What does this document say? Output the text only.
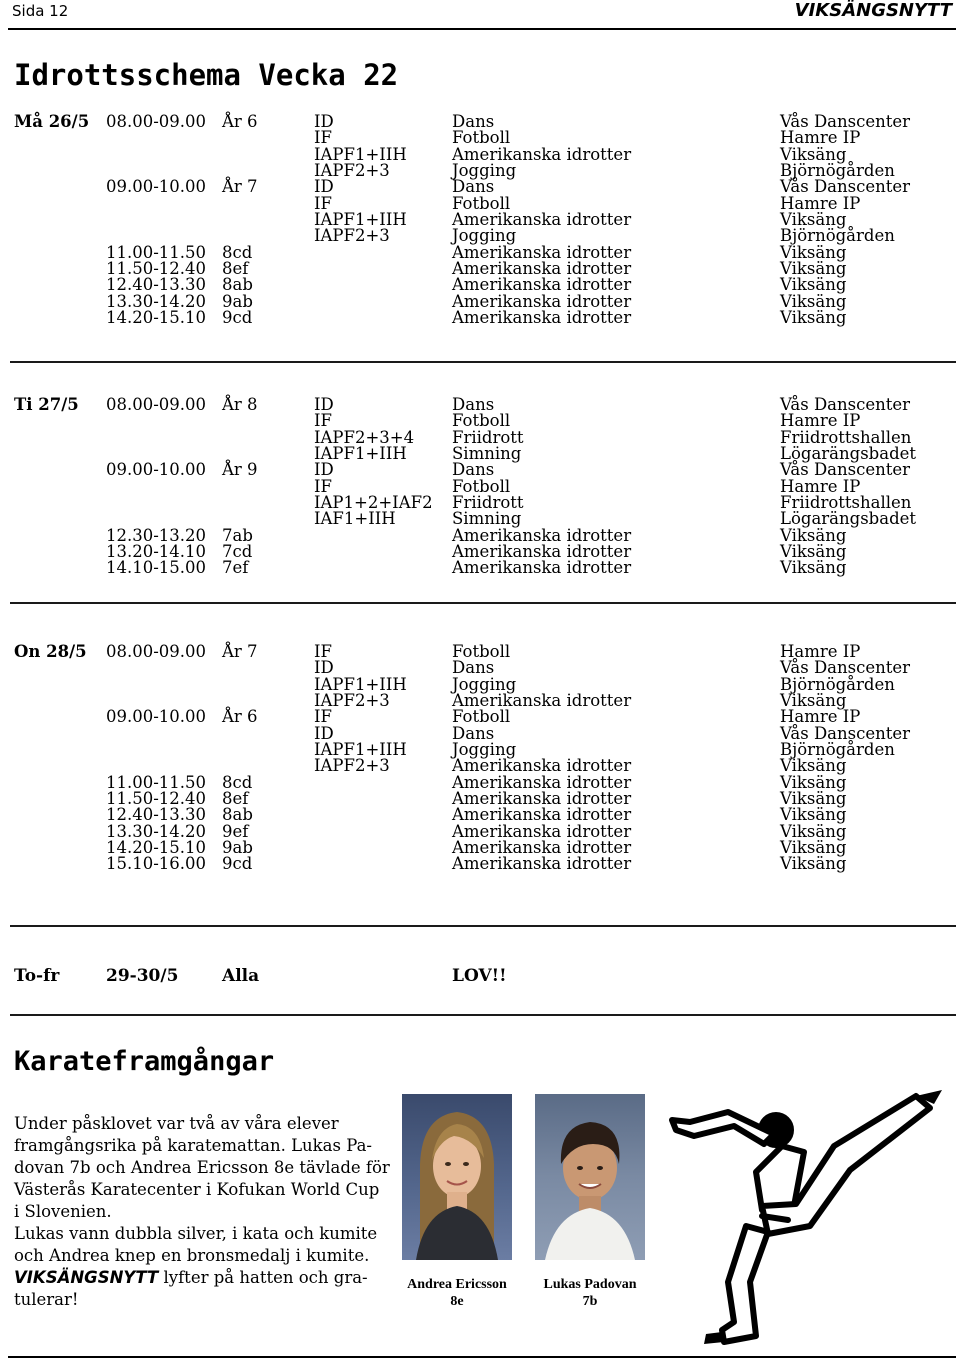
Sida 12	VIKSÄNGSNYTT
Idrottsschema Vecka 22
Må 26/5 08.00-09.00 År 6	ID	Dans	Vås Danscenter
IF	Fotboll	Hamre IP
IAPF1+IIH	Amerikanska idrotter	Viksäng
IAPF2+3	Jogging	Björnögården
09.00-10.00 År 7	ID	Dans	Vås Danscenter
IF	Fotboll	Hamre IP
IAPF1+IIH	Amerikanska idrotter	Viksäng
IAPF2+3	Jogging	Björnögården
11.00-11.50 8cd	Amerikanska idrotter	Viksäng
11.50-12.40 8ef	Amerikanska idrotter	Viksäng
12.40-13.30 8ab	Amerikanska idrotter	Viksäng
13.30-14.20 9ab	Amerikanska idrotter	Viksäng
14.20-15.10 9cd	Amerikanska idrotter	Viksäng
Ti 27/5 08.00-09.00 År 8	ID	Dans	Vås Danscenter
IF	Fotboll	Hamre IP
IAPF2+3+4 Friidrott	Friidrottshallen
IAPF1+IIH	Simning	Lögarängsbadet
09.00-10.00 År 9	ID	Dans	Vås Danscenter
IF	Fotboll	Hamre IP
IAP1+2+IAF2 Friidrott	Friidrottshallen
IAF1+IIH	Simning	Lögarängsbadet
12.30-13.20 7ab	Amerikanska idrotter	Viksäng
13.20-14.10 7cd	Amerikanska idrotter	Viksäng
14.10-15.00 7ef	Amerikanska idrotter	Viksäng
On 28/5 08.00-09.00 År 7	IF	Fotboll	Hamre IP
ID	Dans	Vås Danscenter
IAPF1+IIH	Jogging	Björnögården
IAPF2+3	Amerikanska idrotter	Viksäng
09.00-10.00 År 6	IF	Fotboll	Hamre IP
ID	Dans	Vås Danscenter
IAPF1+IIH	Jogging	Björnögården
IAPF2+3	Amerikanska idrotter	Viksäng
11.00-11.50 8cd	Amerikanska idrotter	Viksäng
11.50-12.40 8ef	Amerikanska idrotter	Viksäng
12.40-13.30 8ab	Amerikanska idrotter	Viksäng
13.30-14.20 9ef	Amerikanska idrotter	Viksäng
14.20-15.10 9ab	Amerikanska idrotter	Viksäng
15.10-16.00 9cd	Amerikanska idrotter	Viksäng
To-fr	29-30/5	Alla	LOV!!
Karateframgångar

Under påsklovet var två av våra elever
framgångsrika på karatemattan. Lukas Pa-
dovan 7b och Andrea Ericsson 8e tävlade för
Västerås Karatecenter i Kofukan World Cup
i Slovenien.
Lukas vann dubbla silver, i kata och kumite
och Andrea knep en bronsmedalj i kumite.
VIKSÄNGSNYTT lyfter på hatten och gra-
tulerar!

Andrea Ericsson
8e
Lukas Padovan
7b
